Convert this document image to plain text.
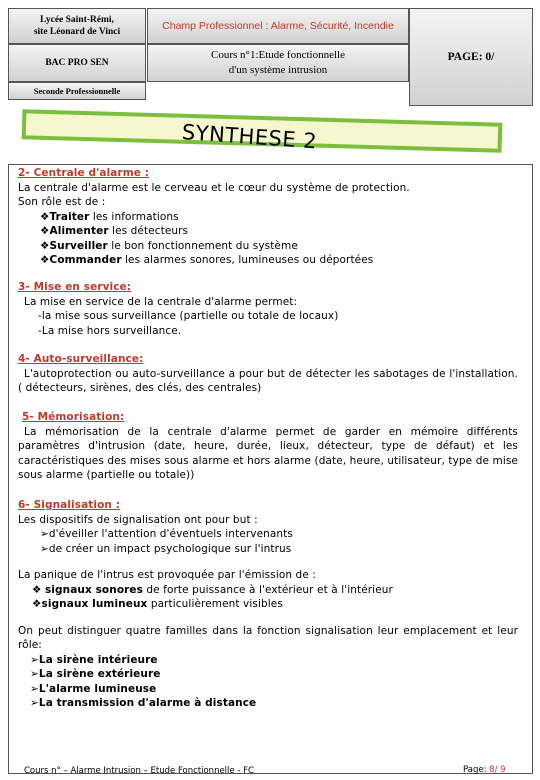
Lycée Saint-Rémi,
site Léonard de Vinci	Champ Professionnel : Alarme, Sécurité, Incendie
BAC PRO SEN
Cours n°1:Etude fonctionnelle
d'un système intrusion
PAGE: 0/
Seconde Professionnelle
SYNTHESE 2
2- Centrale d'alarme :
La centrale d'alarme est le cerveau et le cœur du système de protection.
Son rôle est de :
❖Traiter les informations
❖Alimenter les détecteurs
❖Surveiller le bon fonctionnement du système
❖Commander les alarmes sonores, lumineuses ou déportées
3- Mise en service:
La mise en service de la centrale d'alarme permet:
-la mise sous surveillance (partielle ou totale de locaux)
-La mise hors surveillance.
4- Auto-surveillance:
L'autoprotection ou auto-surveillance a pour but de détecter les sabotages de l'installation. ( détecteurs, sirènes, des clés, des centrales)
5- Mémorisation:
La mémorisation de la centrale d'alarme permet de garder en mémoire différents paramètres d'intrusion (date, heure, durée, lieux, détecteur, type de défaut) et les caractéristiques des mises sous alarme et hors alarme (date, heure, utilisateur, type de mise sous alarme (partielle ou totale))
6- Signalisation :
Les dispositifs de signalisation ont pour but :
➢d'éveiller l'attention d'éventuels intervenants
➢de créer un impact psychologique sur l'intrus
La panique de l'intrus est provoquée par l'émission de :
❖ signaux sonores de forte puissance à l'extérieur et à l'intérieur
❖signaux lumineux particulièrement visibles
On peut distinguer quatre familles dans la fonction signalisation leur emplacement et leur rôle:
➢La sirène intérieure
➢La sirène extérieure
➢L'alarme lumineuse
➢La transmission d'alarme à distance
Cours n° – Alarme Intrusion – Etude Fonctionnelle - FC	Page: 8/ 9
